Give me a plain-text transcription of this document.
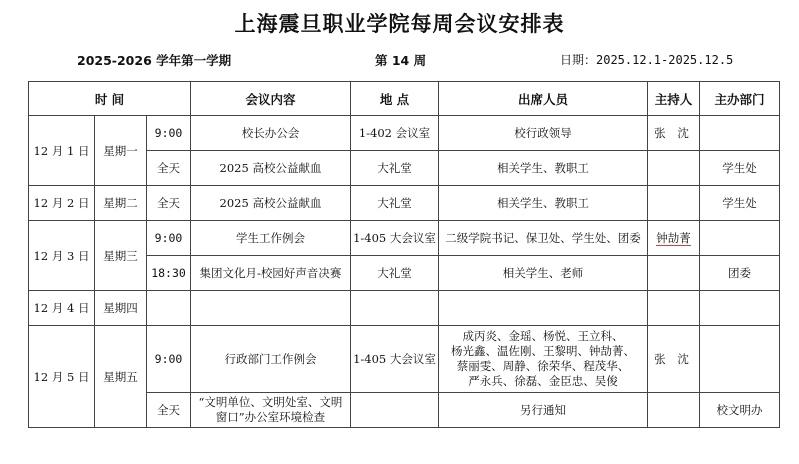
上海震旦职业学院每周会议安排表
2025-2026 学年第一学期	第 14 周	日期：2025.12.1-2025.12.5
时 间			会议内容	地 点	出席人员	主持人	主办部门
12 月 1 日	星期一	9:00	校长办公会	1-402 会议室	校行政领导	张 沈	
		全天	2025 高校公益献血	大礼堂	相关学生、教职工		学生处
12 月 2 日	星期二	全天	2025 高校公益献血	大礼堂	相关学生、教职工		学生处
12 月 3 日	星期三	9:00	学生工作例会	1-405 大会议室	二级学院书记、保卫处、学生处、团委	钟劼菁	
		18:30	集团文化月-校园好声音决赛	大礼堂	相关学生、老师		团委
12 月 4 日	星期四						
12 月 5 日	星期五	9:00	行政部门工作例会	1-405 大会议室	成丙炎、金瑶、杨悦、王立科、
杨光鑫、温佐刚、王黎明、钟劼菁、
蔡丽雯、周静、徐荣华、程茂华、
严永兵、徐磊、金臣忠、吴俊	张 沈	
		全天	“文明单位、文明处室、文明
窗口”办公室环境检查		另行通知		校文明办
